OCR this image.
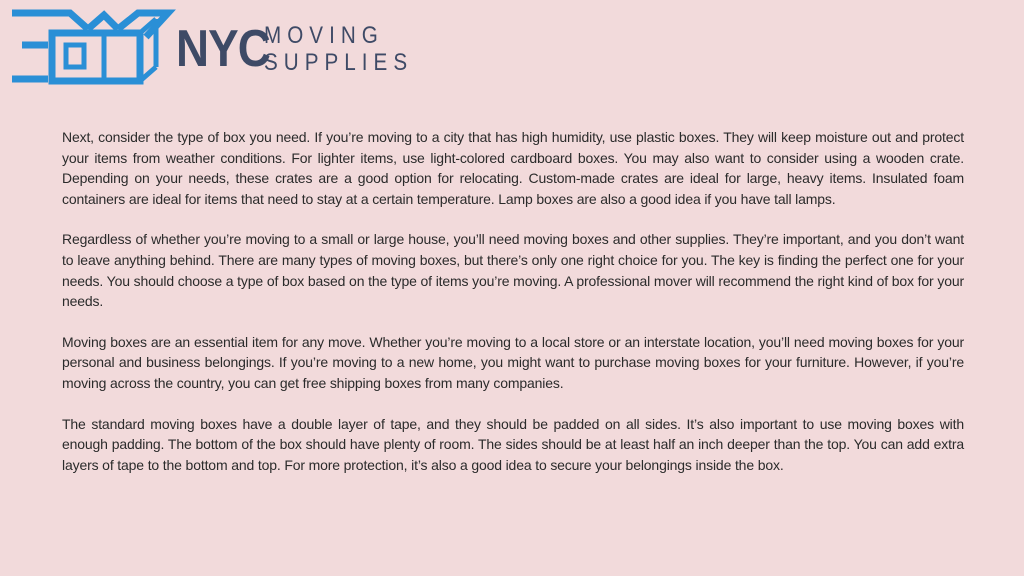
NYC
MOVING
SUPPLIES

Next, consider the type of box you need. If you’re moving to a city that has high humidity, use plastic boxes. They will keep moisture out and protect your items from weather conditions. For lighter items, use light-colored cardboard boxes. You may also want to consider using a wooden crate. Depending on your needs, these crates are a good option for relocating. Custom-made crates are ideal for large, heavy items. Insulated foam containers are ideal for items that need to stay at a certain temperature. Lamp boxes are also a good idea if you have tall lamps.

Regardless of whether you’re moving to a small or large house, you’ll need moving boxes and other supplies. They’re important, and you don’t want to leave anything behind. There are many types of moving boxes, but there’s only one right choice for you. The key is finding the perfect one for your needs. You should choose a type of box based on the type of items you’re moving. A professional mover will recommend the right kind of box for your needs.

Moving boxes are an essential item for any move. Whether you’re moving to a local store or an interstate location, you’ll need moving boxes for your personal and business belongings. If you’re moving to a new home, you might want to purchase moving boxes for your furniture. However, if you’re moving across the country, you can get free shipping boxes from many companies.

The standard moving boxes have a double layer of tape, and they should be padded on all sides. It’s also important to use moving boxes with enough padding. The bottom of the box should have plenty of room. The sides should be at least half an inch deeper than the top. You can add extra layers of tape to the bottom and top. For more protection, it’s also a good idea to secure your belongings inside the box.
